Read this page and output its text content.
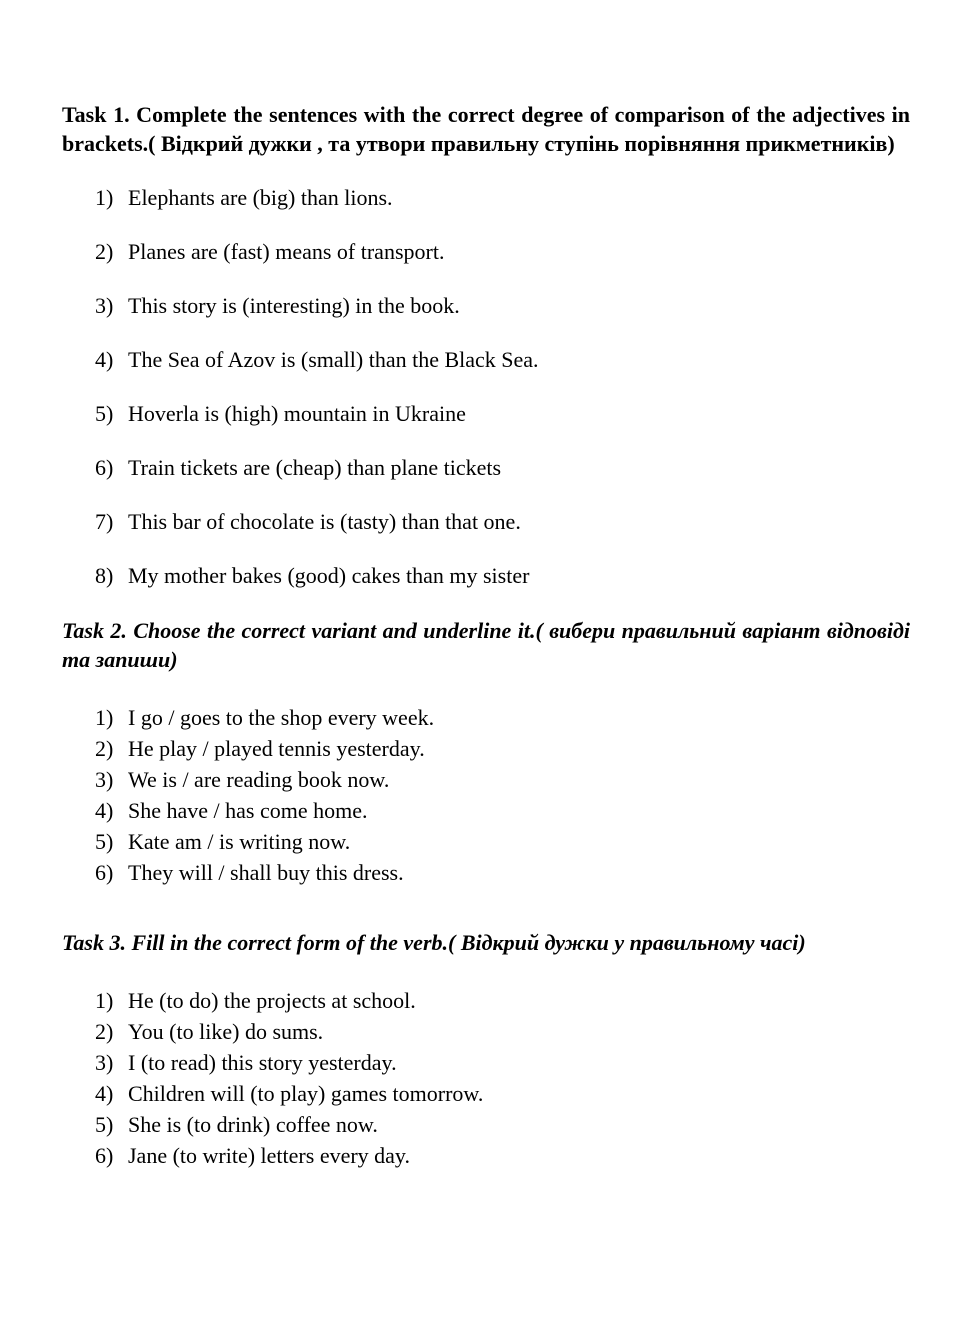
Task 1. Complete the sentences with the correct degree of comparison of the adjectives in brackets.( Відкрий дужки , та утвори правильну ступінь порівняння прикметників)

1) Elephants are (big) than lions.
2) Planes are (fast) means of transport.
3) This story is (interesting) in the book.
4) The Sea of Azov is (small) than the Black Sea.
5) Hoverla is (high) mountain in Ukraine
6) Train tickets are (cheap) than plane tickets
7) This bar of chocolate is (tasty) than that one.
8) My mother bakes (good) cakes than my sister

Task 2. Choose the correct variant and underline it.( вибери правильний варіант відповіді та запиши)

1) I go / goes to the shop every week.
2) He play / played tennis yesterday.
3) We is / are reading book now.
4) She have / has come home.
5) Kate am / is writing now.
6) They will / shall buy this dress.

Task 3. Fill in the correct form of the verb.( Відкрий дужки у правильному часі)

1) He (to do) the projects at school.
2) You (to like) do sums.
3) I (to read) this story yesterday.
4) Children will (to play) games tomorrow.
5) She is (to drink) coffee now.
6) Jane (to write) letters every day.
